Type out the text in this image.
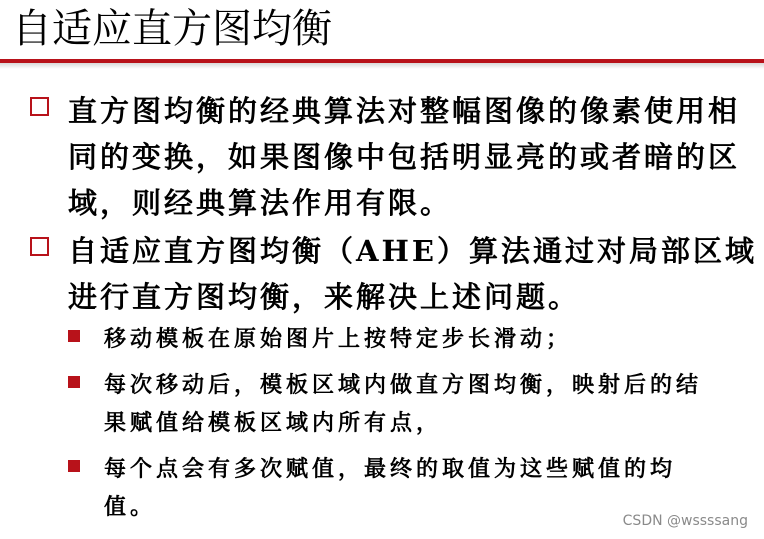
自适应直方图均衡
直方图均衡的经典算法对整幅图像的像素使用相同的变换，如果图像中包括明显亮的或者暗的区域，则经典算法作用有限。
自适应直方图均衡（AHE）算法通过对局部区域进行直方图均衡，来解决上述问题。
移动模板在原始图片上按特定步长滑动；
每次移动后，模板区域内做直方图均衡，映射后的结果赋值给模板区域内所有点，
每个点会有多次赋值，最终的取值为这些赋值的均值。
CSDN @wssssang
